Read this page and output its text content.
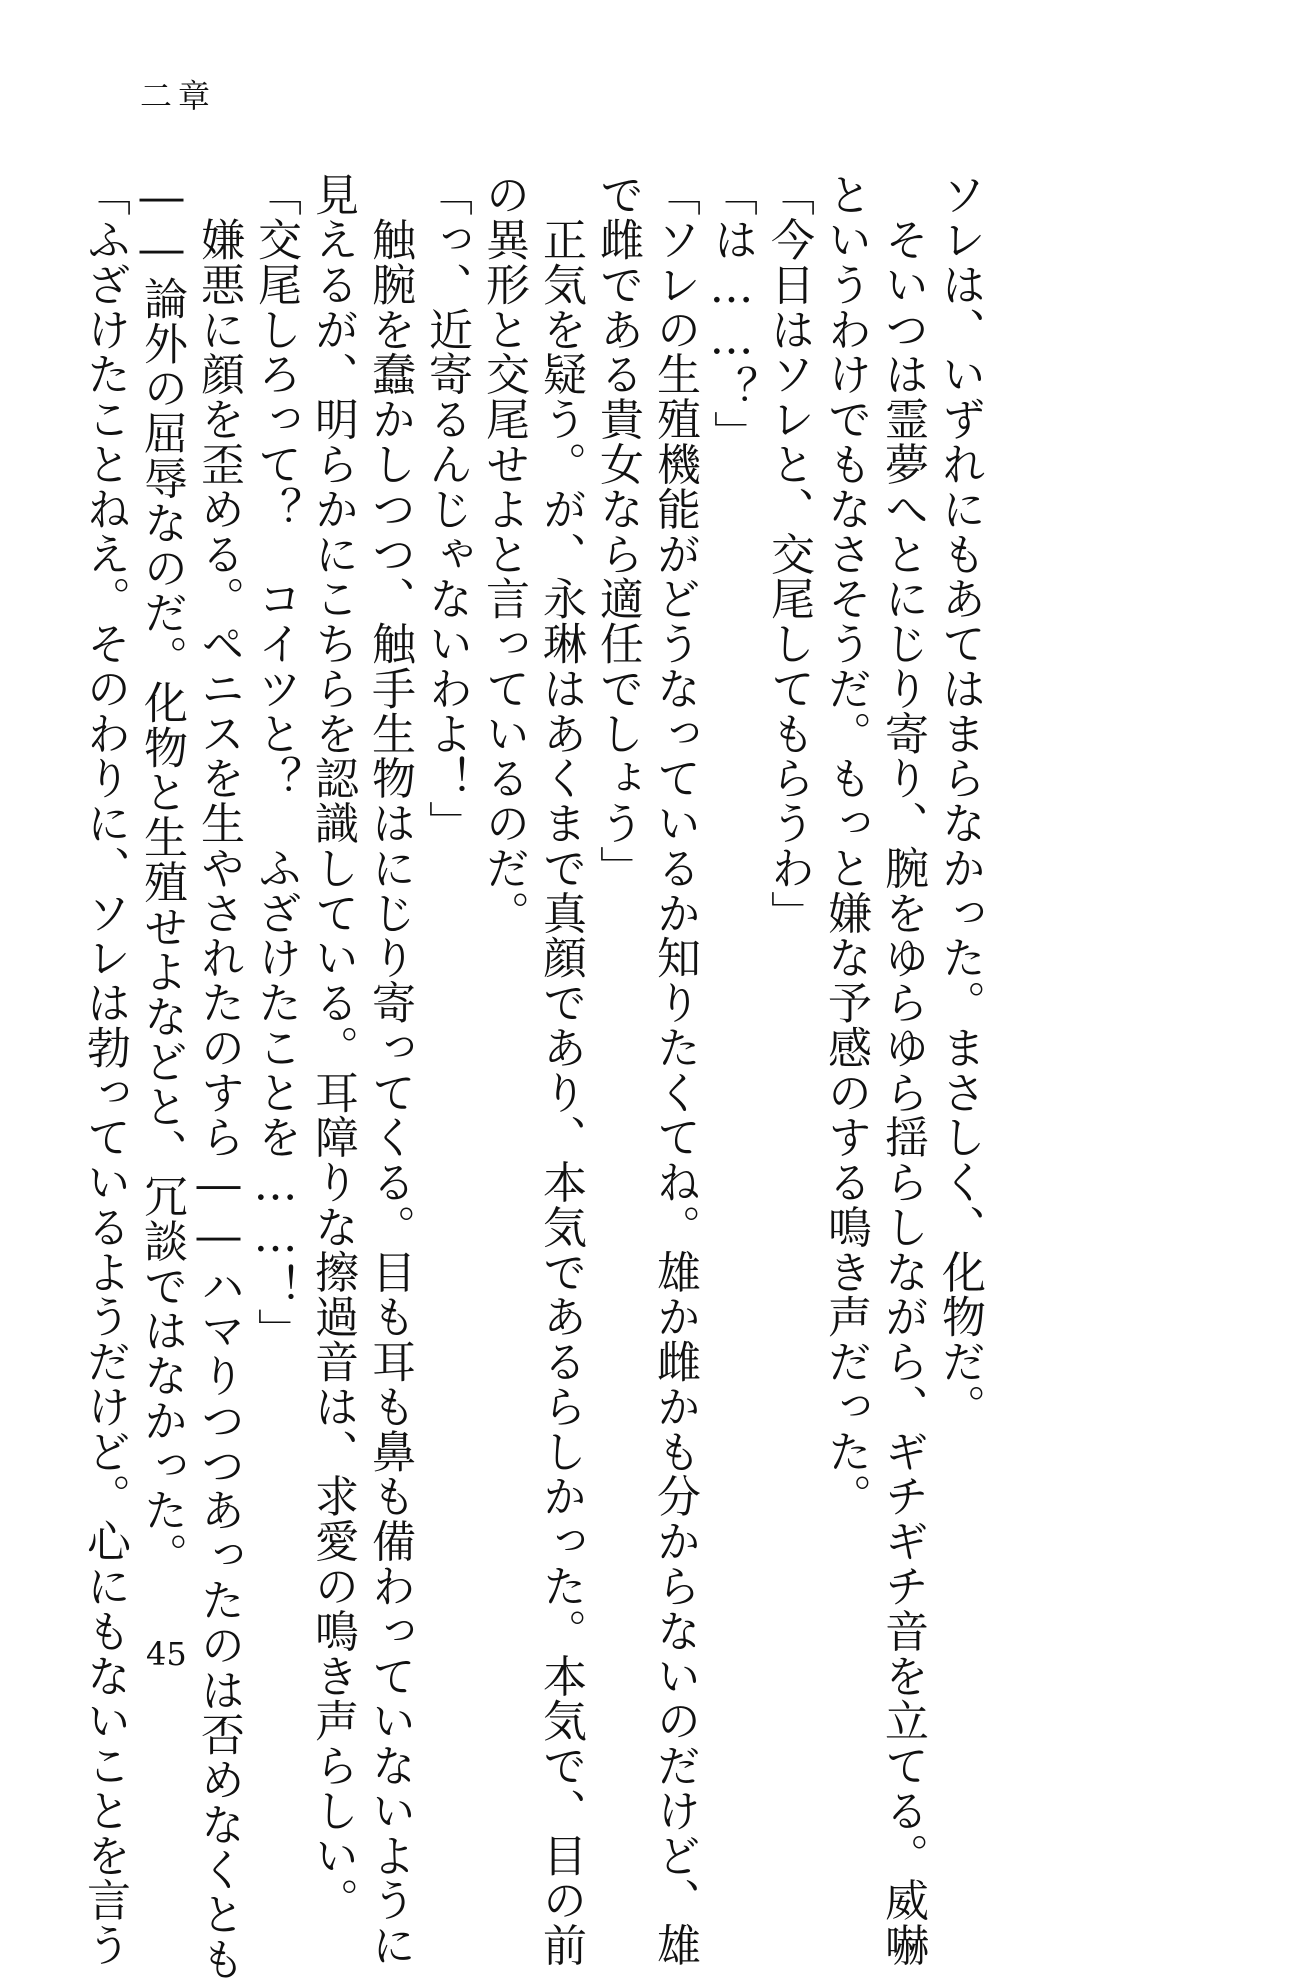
二章
ソレは、いずれにもあてはまらなかった。まさしく、化物だ。
　そいつは霊夢へとにじり寄り、腕をゆらゆら揺らしながら、ギチギチ音を立てる。威嚇
というわけでもなさそうだ。もっと嫌な予感のする鳴き声だった。
「今日はソレと、交尾してもらうわ」
「は……？」
「ソレの生殖機能がどうなっているか知りたくてね。雄か雌かも分からないのだけど、雄
で雌である貴女なら適任でしょう」
　正気を疑う。が、永琳はあくまで真顔であり、本気であるらしかった。本気で、目の前
の異形と交尾せよと言っているのだ。
「っ、近寄るんじゃないわよ！」
　触腕を蠢かしつつ、触手生物はにじり寄ってくる。目も耳も鼻も備わっていないように
見えるが、明らかにこちらを認識している。耳障りな擦過音は、求愛の鳴き声らしい。
「交尾しろって？　コイツと？　ふざけたことを……！」
　嫌悪に顔を歪める。ペニスを生やされたのすら――ハマりつつあったのは否めなくとも
――論外の屈辱なのだ。化物と生殖せよなどと、冗談ではなかった。
「ふざけたことねえ。そのわりに、ソレは勃っているようだけど。心にもないことを言う 45
